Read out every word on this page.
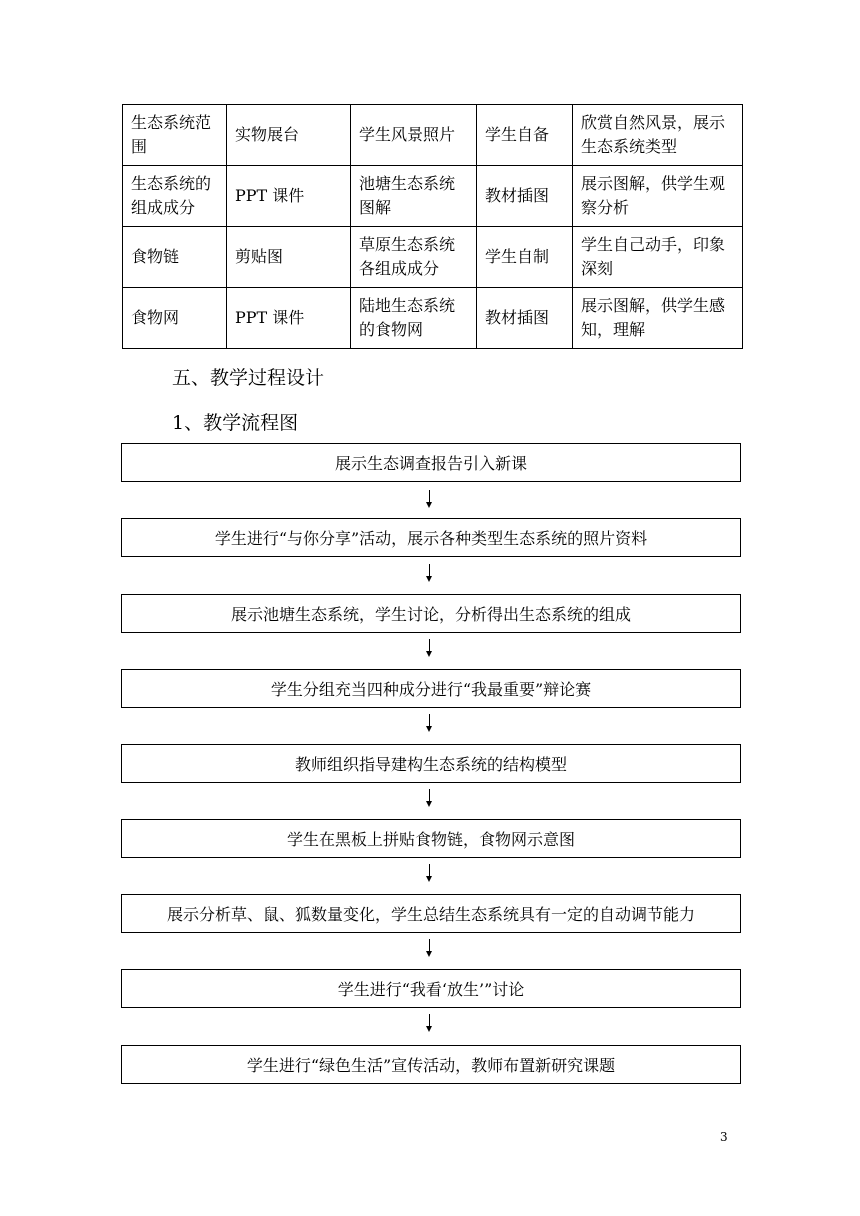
生态系统范围	实物展台	学生风景照片	学生自备	欣赏自然风景，展示生态系统类型
生态系统的组成成分	PPT 课件	池塘生态系统图解	教材插图	展示图解，供学生观察分析
食物链	剪贴图	草原生态系统各组成成分	学生自制	学生自己动手，印象深刻
食物网	PPT 课件	陆地生态系统的食物网	教材插图	展示图解，供学生感知，理解
五、教学过程设计
1、教学流程图
展示生态调查报告引入新课
学生进行“与你分享”活动，展示各种类型生态系统的照片资料
展示池塘生态系统，学生讨论，分析得出生态系统的组成
学生分组充当四种成分进行“我最重要”辩论赛
教师组织指导建构生态系统的结构模型
学生在黑板上拼贴食物链，食物网示意图
展示分析草、鼠、狐数量变化，学生总结生态系统具有一定的自动调节能力
学生进行“我看‘放生’”讨论
学生进行“绿色生活”宣传活动，教师布置新研究课题
3
